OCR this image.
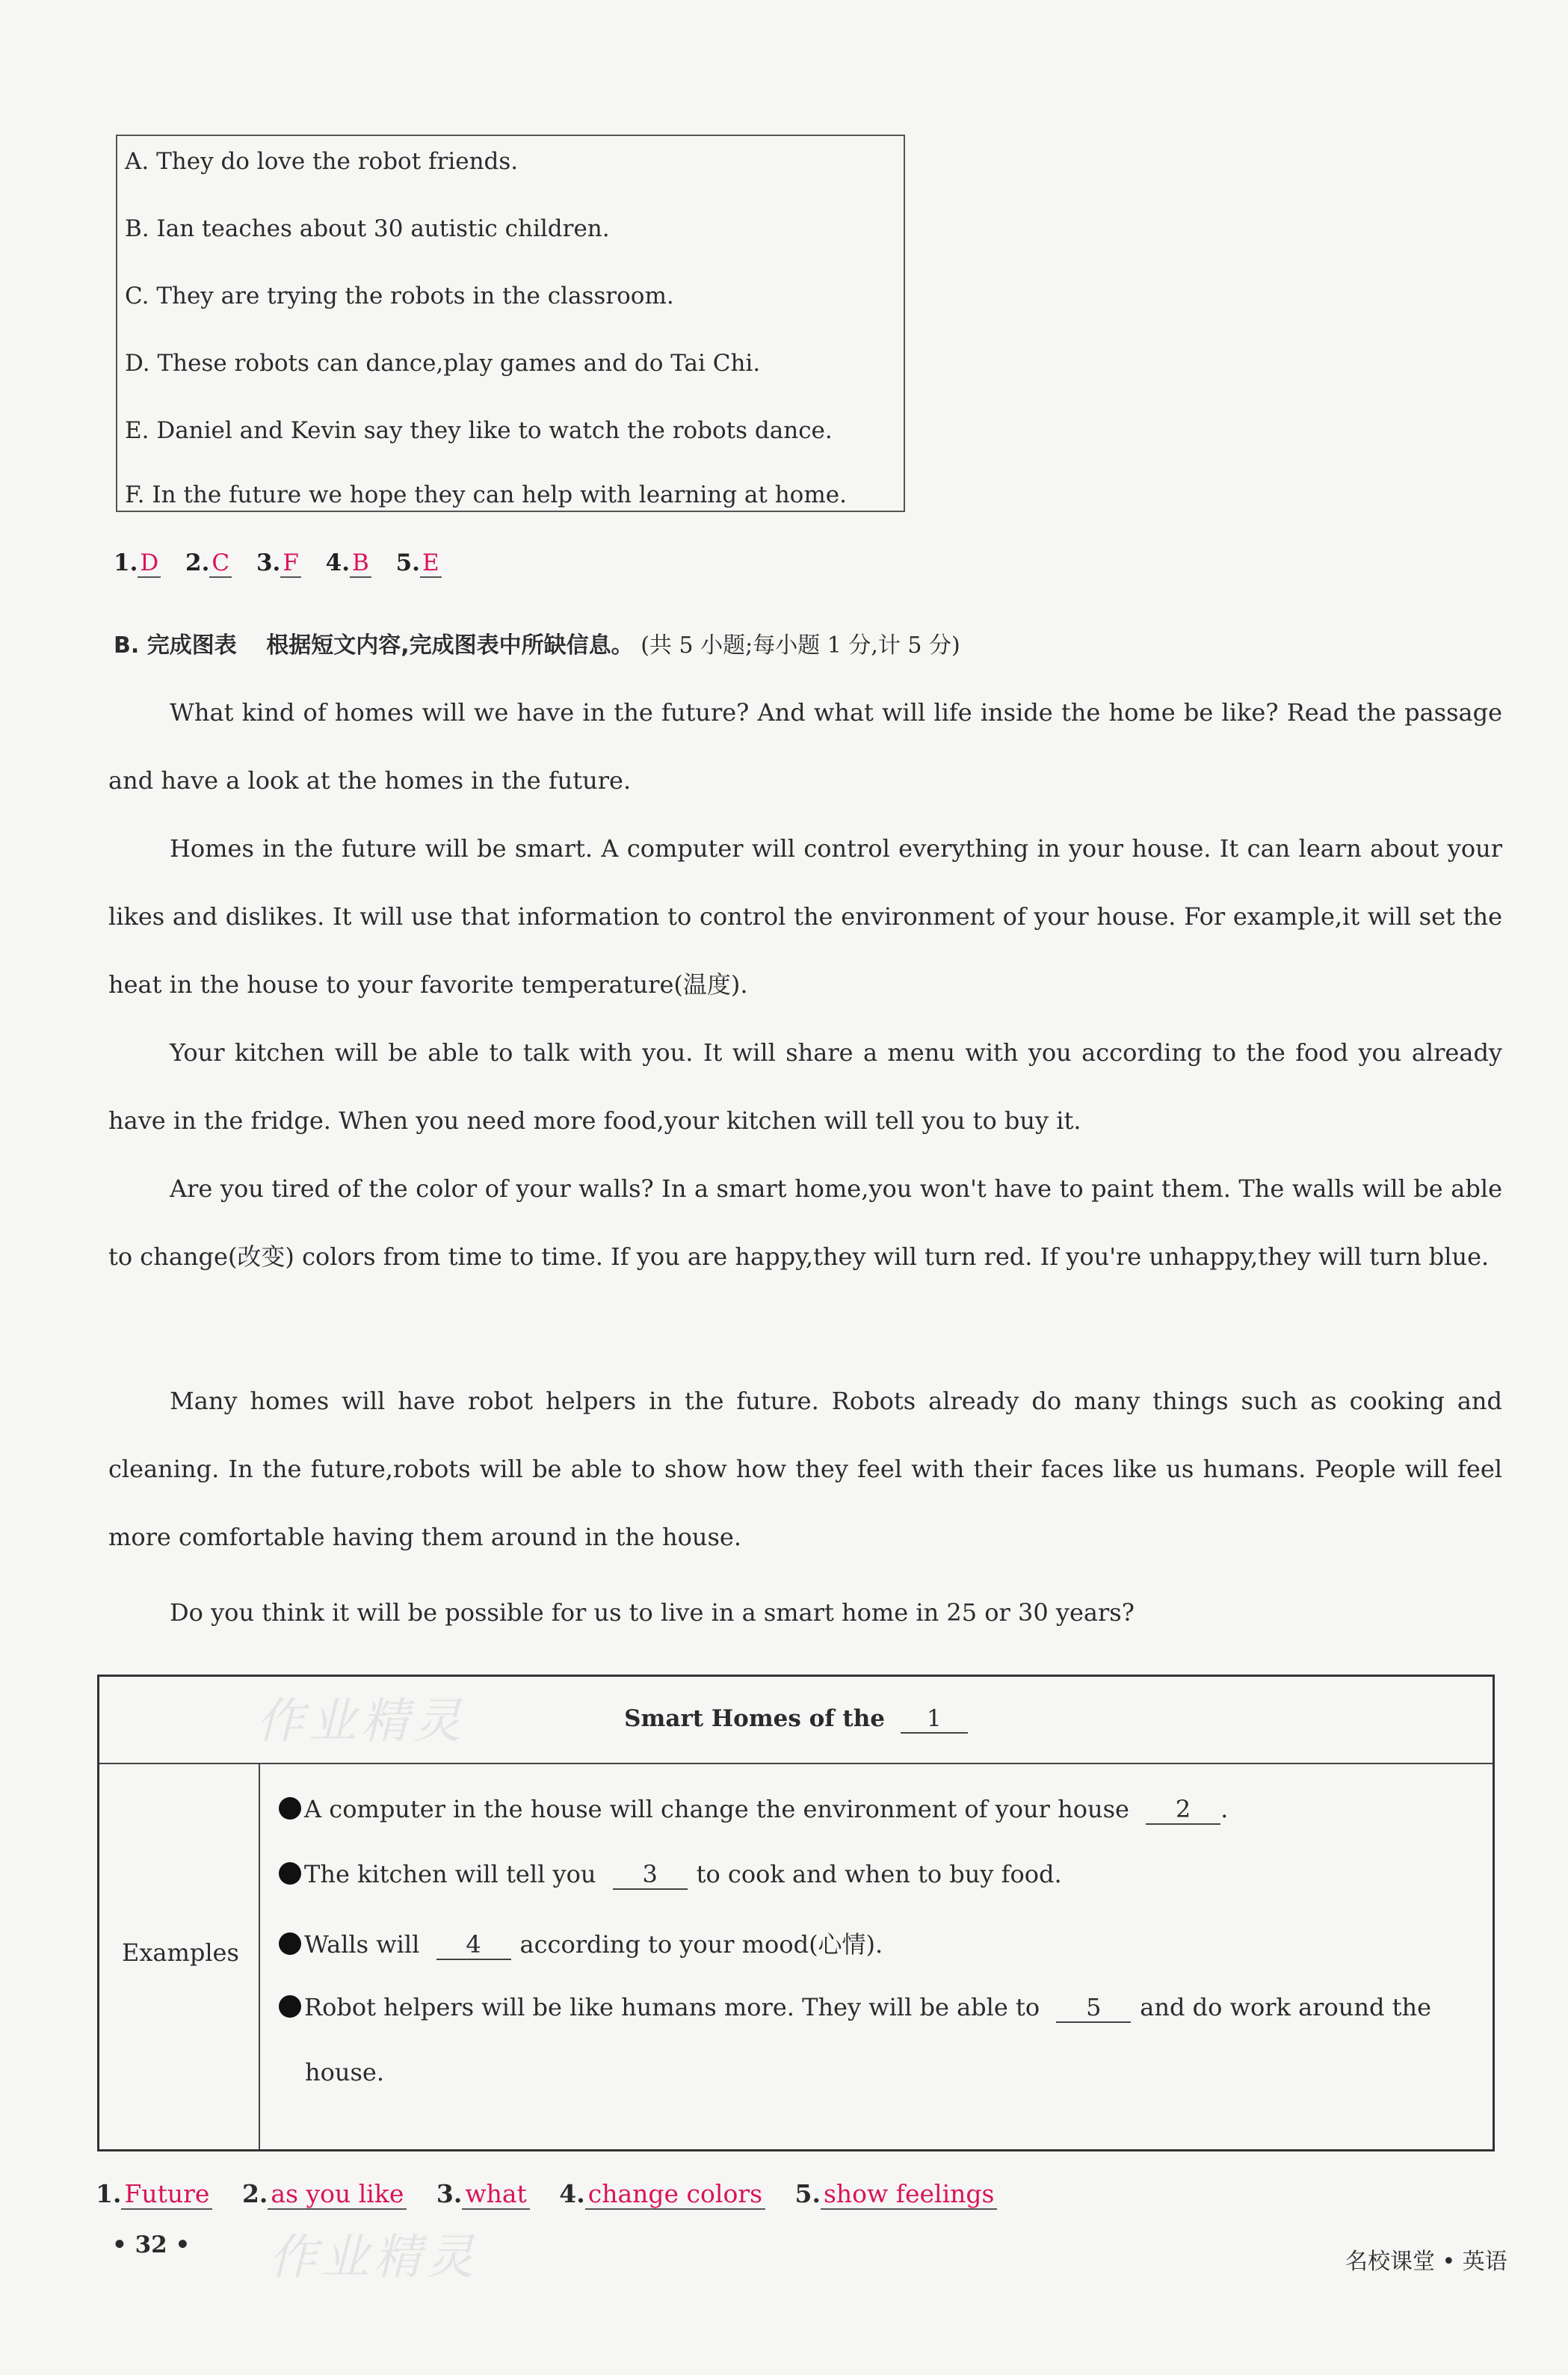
A. They do love the robot friends.
B. Ian teaches about 30 autistic children.
C. They are trying the robots in the classroom.
D. These robots can dance,play games and do Tai Chi.
E. Daniel and Kevin say they like to watch the robots dance.
F. In the future we hope they can help with learning at home.
1.D 2.C 3.F 4.B 5.E
B. 完成图表 根据短文内容,完成图表中所缺信息。 (共 5 小题;每小题 1 分,计 5 分)
What kind of homes will we have in the future? And what will life inside the home be like? Read the passage and have a look at the homes in the future.
Homes in the future will be smart. A computer will control everything in your house. It can learn about your likes and dislikes. It will use that information to control the environment of your house. For example,it will set the heat in the house to your favorite temperature(温度).
Your kitchen will be able to talk with you. It will share a menu with you according to the food you already have in the fridge. When you need more food,your kitchen will tell you to buy it.
Are you tired of the color of your walls? In a smart home,you won't have to paint them. The walls will be able to change(改变) colors from time to time. If you are happy,they will turn red. If you're unhappy,they will turn blue.
Many homes will have robot helpers in the future. Robots already do many things such as cooking and cleaning. In the future,robots will be able to show how they feel with their faces like us humans. People will feel more comfortable having them around in the house.
Do you think it will be possible for us to live in a smart home in 25 or 30 years?
作业精灵	Smart Homes of the 1
Examples
A computer in the house will change the environment of your house 2 .
The kitchen will tell you 3 to cook and when to buy food.
Walls will 4 according to your mood(心情).
Robot helpers will be like humans more. They will be able to 5 and do work around the
house.
1. Future 2. as you like 3. what 4. change colors 5. show feelings
• 32 • 作业精灵	名校课堂 • 英语
